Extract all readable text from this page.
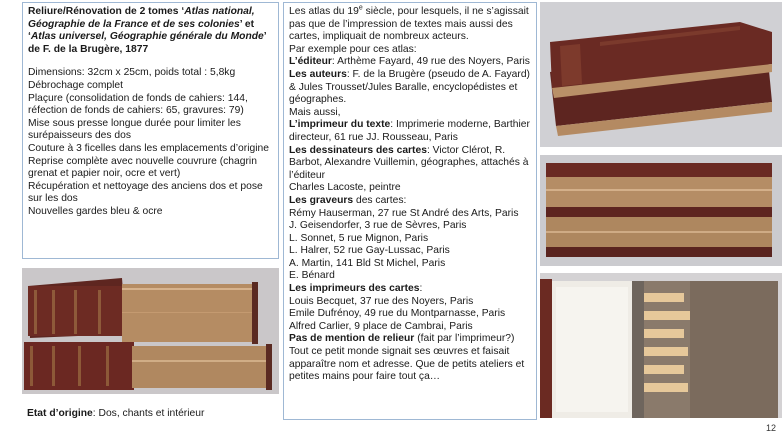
Reliure/Rénovation de 2 tomes ‘Atlas national, Géographie de la France et de ses colonies’ et ‘Atlas universel, Géographie générale du Monde’ de F. de la Brugère, 1877

Dimensions: 32cm x 25cm, poids total : 5,8kg

Débrochage complet

Plaçure (consolidation de fonds de cahiers: 144, réfection de fonds de cahiers: 65, gravures: 79)

Mise sous presse longue durée pour limiter les surépaisseurs des dos

Couture à 3 ficelles dans les emplacements d’origine

Reprise complète avec nouvelle couvrure (chagrin grenat et papier noir, ocre et vert)

Récupération et nettoyage des anciens dos et pose sur les dos

Nouvelles gardes bleu & ocre

Etat d’origine: Dos, chants et intérieur

Les atlas du 19e siècle, pour lesquels, il ne s’agissait pas que de l’impression de textes mais aussi des cartes, impliquait de nombreux acteurs.

Par exemple pour ces atlas:

L’éditeur: Arthème Fayard, 49 rue des Noyers, Paris

Les auteurs: F. de la Brugère (pseudo de A. Fayard) & Jules Trousset/Jules Baralle, encyclopédistes et géographes.

Mais aussi,

L’imprimeur du texte: Imprimerie moderne, Barthier directeur, 61 rue JJ. Rousseau, Paris

Les dessinateurs des cartes: Victor Clérot, R. Barbot, Alexandre Vuillemin, géographes, attachés à l’éditeur

Charles Lacoste, peintre

Les graveurs des cartes:

Rémy Hauserman, 27 rue St André des Arts, Paris

J. Geisendorfer, 3 rue de Sèvres, Paris

L. Sonnet, 5 rue Mignon, Paris

L. Halrer, 52 rue Gay-Lussac, Paris

A. Martin, 141 Bld St Michel, Paris

E. Bénard

Les imprimeurs des cartes:

Louis Becquet, 37 rue des Noyers, Paris

Emile Dufrénoy, 49 rue du Montparnasse, Paris

Alfred Carlier, 9 place de Cambrai, Paris

Pas de mention de relieur (fait par l’imprimeur?)

Tout ce petit monde signait ses œuvres et faisait apparaître nom et adresse. Que de petits ateliers et petites mains pour faire tout ça…

12
